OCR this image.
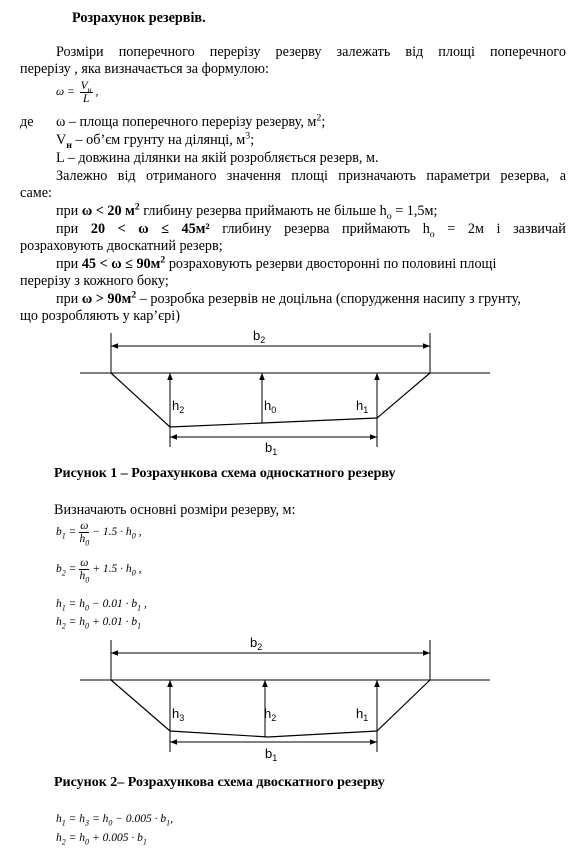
Розрахунок резервів.
Розміри поперечного перерізу резерву залежать від площі поперечного
перерізу , яка визначається за формулою:
$\omega = \frac{V_н}{L}$ ,
де ω – площа поперечного перерізу резерву, $м^2$;
$V_н$ – об’єм грунту на ділянці, $м^3$;
L – довжина ділянки на якій розробляється резерв, м.
Залежно від отриманого значення площі призначають параметри резерва, а
саме:
при ω < 20 $м^2$ глибину резерва приймають не більше $h_o = 1,5м$;
при 20 < ω ≤ 45м² глибину резерва приймають $h_o = 2м$ і зазвичай
розраховують двоскатний резерв;
при $45 < \omega \le 90м^2$ розраховують резерви двосторонні по половині площі
перерізу з кожного боку;
при $\omega > 90м^2$ – розробка резервів не доцільна (спорудження насипу з грунту,
що розробляють у кар’єрі)
$b_2$
$h_2$	$h_0$	$h_1$
$b_1$
Рисунок 1 – Розрахункова схема односкатного резерву
Визначають основні розміри резерву, м:
$b_1 = \frac{\omega}{h_0} - 1.5 \cdot h_0$ ,
$b_2 = \frac{\omega}{h_0} + 1.5 \cdot h_0$ ,
$h_1 = h_0 - 0.01 \cdot b_1$ ,
$h_2 = h_0 + 0.01 \cdot b_1$
$b_2$
$h_3$	$h_2$	$h_1$
$b_1$
Рисунок 2– Розрахункова схема двоскатного резерву
$h_1 = h_3 = h_0 - 0.005 \cdot b_1$,
$h_2 = h_0 + 0.005 \cdot b_1$
